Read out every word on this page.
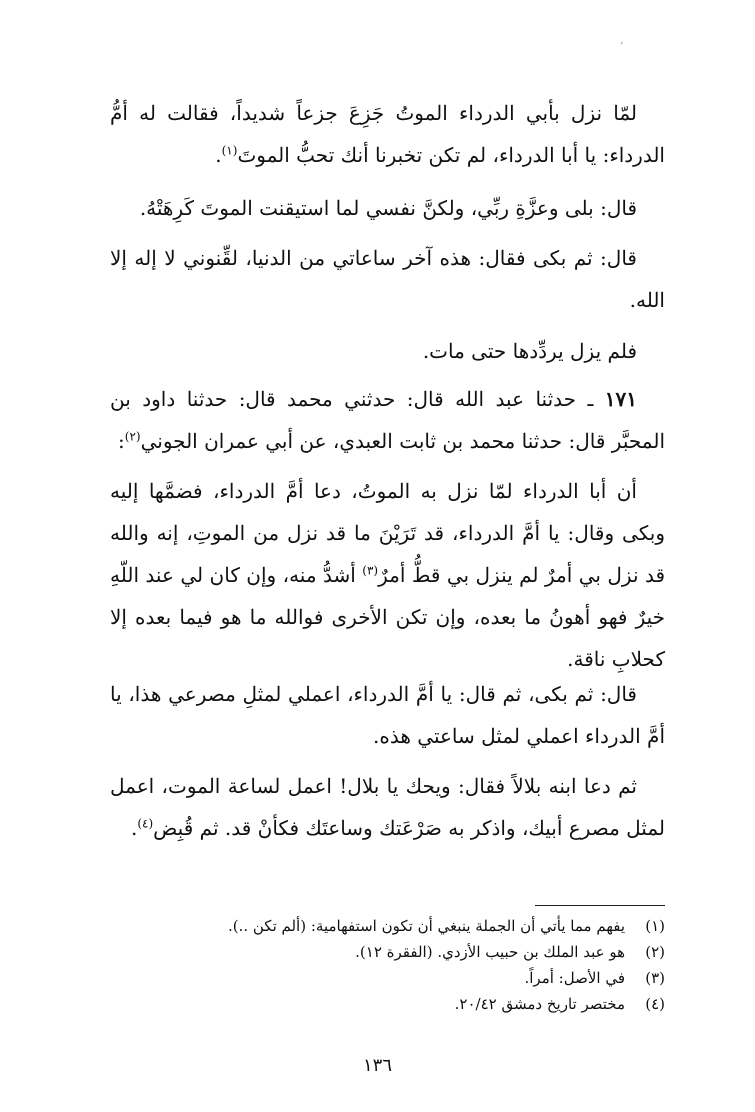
،

لمّا نزل بأبي الدرداء الموتُ جَزِعَ جزعاً شديداً، فقالت له أمُّ الدرداء: يا أبا الدرداء، لم تكن تخبرنا أنك تحبُّ الموتَ$^{(١)}$.

قال: بلى وعزَّةِ ربِّي، ولكنَّ نفسي لما استيقنت الموتَ كَرِهَتْهُ.

قال: ثم بكى فقال: هذه آخر ساعاتي من الدنيا، لقِّنوني لا إله إلا الله.

فلم يزل يردِّدها حتى مات.

١٧١ ـ حدثنا عبد الله قال: حدثني محمد قال: حدثنا داود بن المحبَّر قال: حدثنا محمد بن ثابت العبدي، عن أبي عمران الجوني$^{(٢)}$:

أن أبا الدرداء لمّا نزل به الموتُ، دعا أمَّ الدرداء، فضمَّها إليه وبكى وقال: يا أمَّ الدرداء، قد تَرَيْنَ ما قد نزل من الموتِ، إنه والله قد نزل بي أمرٌ لم ينزل بي قطُّ أمرٌ$^{(٣)}$ أشدُّ منه، وإن كان لي عند اللّهِ خيرٌ فهو أهونُ ما بعده، وإن تكن الأخرى فوالله ما هو فيما بعده إلا كحلابِ ناقة.

قال: ثم بكى، ثم قال: يا أمَّ الدرداء، اعملي لمثلِ مصرعي هذا، يا أمَّ الدرداء اعملي لمثل ساعتي هذه.

ثم دعا ابنه بلالاً فقال: ويحك يا بلال! اعمل لساعة الموت، اعمل لمثل مصرع أبيك، واذكر به صَرْعَتك وساعتَك فكأنْ قد. ثم قُبِض$^{(٤)}$.

(١)
يفهم مما يأتي أن الجملة ينبغي أن تكون استفهامية: (ألم تكن ..).
(٢)
هو عبد الملك بن حبيب الأزدي. (الفقرة ١٢).
(٣)
في الأصل: أمراً.
(٤)
مختصر تاريخ دمشق ٢٠/٤٢.
١٣٦
